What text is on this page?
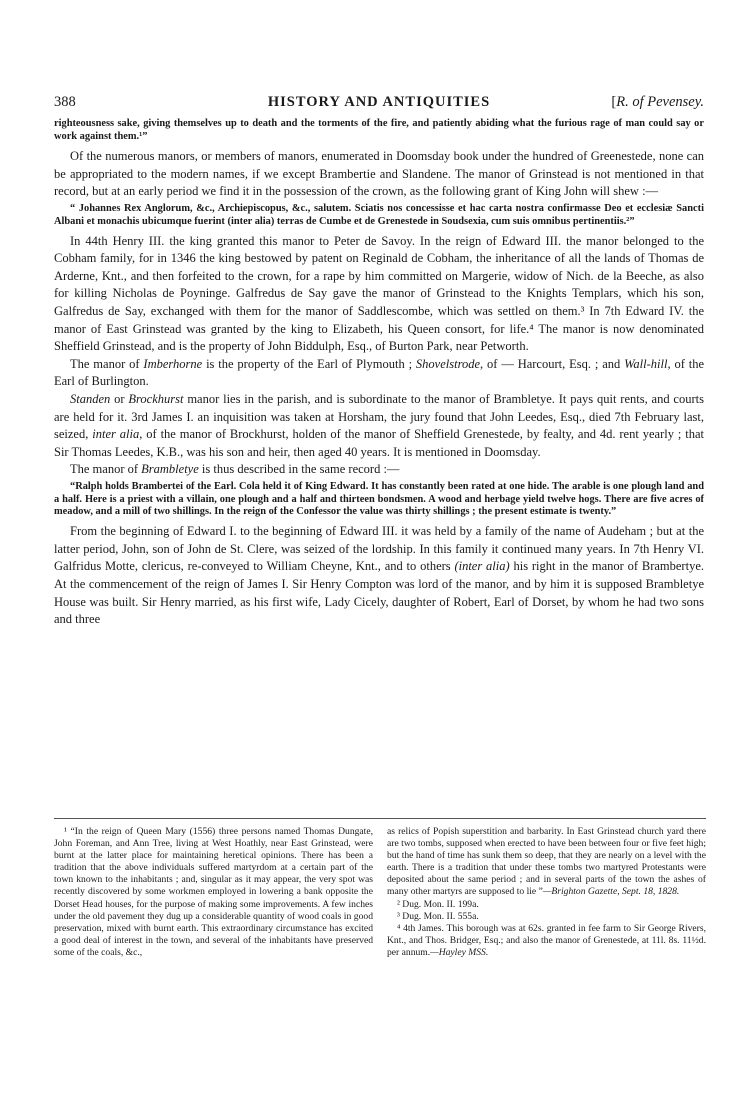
388	HISTORY AND ANTIQUITIES	[R. of Pevensey.

righteousness sake, giving themselves up to death and the torments of the fire, and patiently abiding what the furious rage of man could say or work against them.¹”

Of the numerous manors, or members of manors, enumerated in Doomsday book under the hundred of Greenestede, none can be appropriated to the modern names, if we except Brambertie and Slandene. The manor of Grinstead is not mentioned in that record, but at an early period we find it in the possession of the crown, as the following grant of King John will shew :—

“ Johannes Rex Anglorum, &c., Archiepiscopus, &c., salutem. Sciatis nos concessisse et hac carta nostra confirmasse Deo et ecclesiæ Sancti Albani et monachis ubicumque fuerint (inter alia) terras de Cumbe et de Grenestede in Soudsexia, cum suis omnibus pertinentiis.²”

In 44th Henry III. the king granted this manor to Peter de Savoy. In the reign of Edward III. the manor belonged to the Cobham family, for in 1346 the king bestowed by patent on Reginald de Cobham, the inheritance of all the lands of Thomas de Arderne, Knt., and then forfeited to the crown, for a rape by him committed on Margerie, widow of Nich. de la Beeche, as also for killing Nicholas de Poyninge. Galfredus de Say gave the manor of Grinstead to the Knights Templars, which his son, Galfredus de Say, exchanged with them for the manor of Saddlescombe, which was settled on them.³ In 7th Edward IV. the manor of East Grinstead was granted by the king to Elizabeth, his Queen consort, for life.⁴ The manor is now denominated Sheffield Grinstead, and is the property of John Biddulph, Esq., of Burton Park, near Petworth.

The manor of Imberhorne is the property of the Earl of Plymouth ; Shovelstrode, of — Harcourt, Esq. ; and Wall-hill, of the Earl of Burlington.

Standen or Brockhurst manor lies in the parish, and is subordinate to the manor of Brambletye. It pays quit rents, and courts are held for it. 3rd James I. an inquisition was taken at Horsham, the jury found that John Leedes, Esq., died 7th February last, seized, inter alia, of the manor of Brockhurst, holden of the manor of Sheffield Grenestede, by fealty, and 4d. rent yearly ; that Sir Thomas Leedes, K.B., was his son and heir, then aged 40 years. It is mentioned in Doomsday.

The manor of Brambletye is thus described in the same record :—

“Ralph holds Brambertei of the Earl. Cola held it of King Edward. It has constantly been rated at one hide. The arable is one plough land and a half. Here is a priest with a villain, one plough and a half and thirteen bondsmen. A wood and herbage yield twelve hogs. There are five acres of meadow, and a mill of two shillings. In the reign of the Confessor the value was thirty shillings ; the present estimate is twenty.”

From the beginning of Edward I. to the beginning of Edward III. it was held by a family of the name of Audeham ; but at the latter period, John, son of John de St. Clere, was seized of the lordship. In this family it continued many years. In 7th Henry VI. Galfridus Motte, clericus, re-conveyed to William Cheyne, Knt., and to others (inter alia) his right in the manor of Brambertye. At the commencement of the reign of James I. Sir Henry Compton was lord of the manor, and by him it is supposed Brambletye House was built. Sir Henry married, as his first wife, Lady Cicely, daughter of Robert, Earl of Dorset, by whom he had two sons and three

¹ “In the reign of Queen Mary (1556) three persons named Thomas Dungate, John Foreman, and Ann Tree, living at West Hoathly, near East Grinstead, were burnt at the latter place for maintaining heretical opinions. There has been a tradition that the above individuals suffered martyrdom at a certain part of the town known to the inhabitants ; and, singular as it may appear, the very spot was recently discovered by some workmen employed in lowering a bank opposite the Dorset Head houses, for the purpose of making some improvements. A few inches under the old pavement they dug up a considerable quantity of wood coals in good preservation, mixed with burnt earth. This extraordinary circumstance has excited a good deal of interest in the town, and several of the inhabitants have preserved some of the coals, &c.,

as relics of Popish superstition and barbarity. In East Grinstead church yard there are two tombs, supposed when erected to have been between four or five feet high; but the hand of time has sunk them so deep, that they are nearly on a level with the earth. There is a tradition that under these tombs two martyred Protestants were deposited about the same period ; and in several parts of the town the ashes of many other martyrs are supposed to lie ”—Brighton Gazette, Sept. 18, 1828.

² Dug. Mon. II. 199a.

³ Dug. Mon. II. 555a.

⁴ 4th James. This borough was at 62s. granted in fee farm to Sir George Rivers, Knt., and Thos. Bridger, Esq.; and also the manor of Grenestede, at 11l. 8s. 11½d. per annum.—Hayley MSS.
